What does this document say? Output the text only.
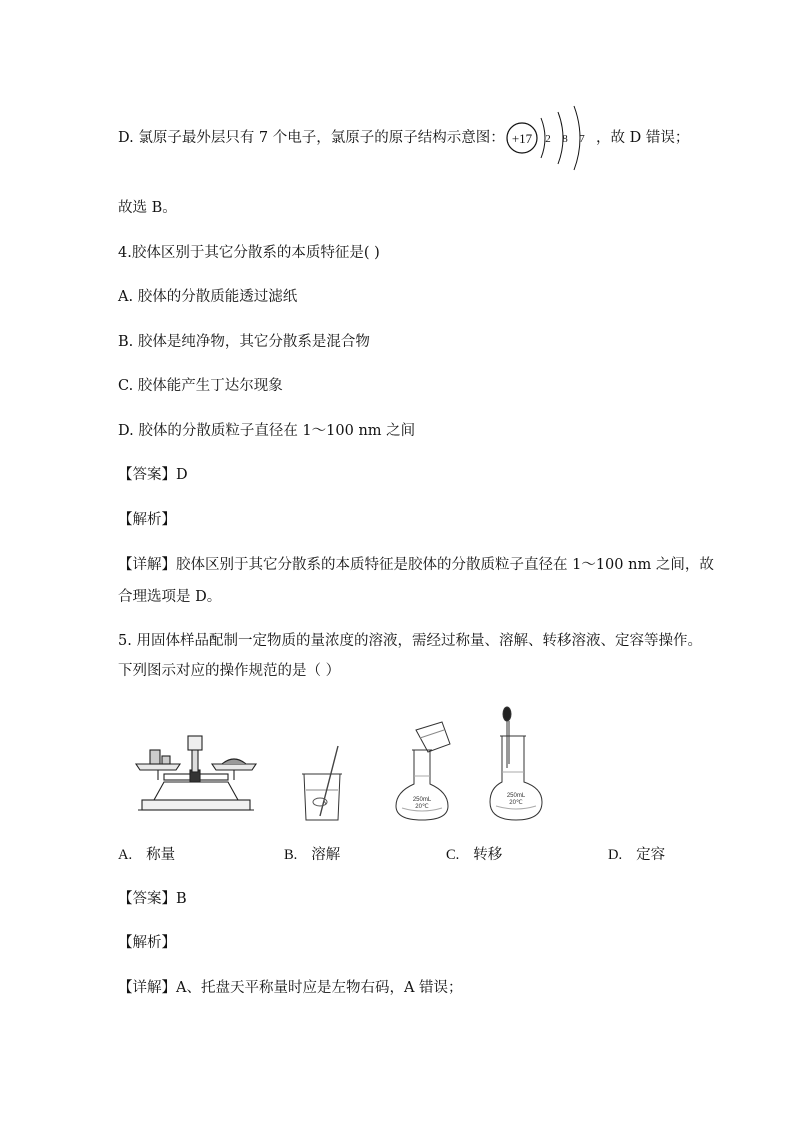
D. 氯原子最外层只有 7 个电子，氯原子的原子结构示意图： +17 2 8 7 ，故 D 错误；
故选 B。
4.胶体区别于其它分散系的本质特征是( )
A. 胶体的分散质能透过滤纸
B. 胶体是纯净物，其它分散系是混合物
C. 胶体能产生丁达尔现象
D. 胶体的分散质粒子直径在 1～100 nm 之间
【答案】D
【解析】
【详解】胶体区别于其它分散系的本质特征是胶体的分散质粒子直径在 1～100 nm 之间，故
合理选项是 D。
5. 用固体样品配制一定物质的量浓度的溶液，需经过称量、溶解、转移溶液、定容等操作。
下列图示对应的操作规范的是（ ）
250mL
20℃
250mL
20℃
A. 称量	B. 溶解	C. 转移	D. 定容
【答案】B
【解析】
【详解】A、托盘天平称量时应是左物右码，A 错误；
